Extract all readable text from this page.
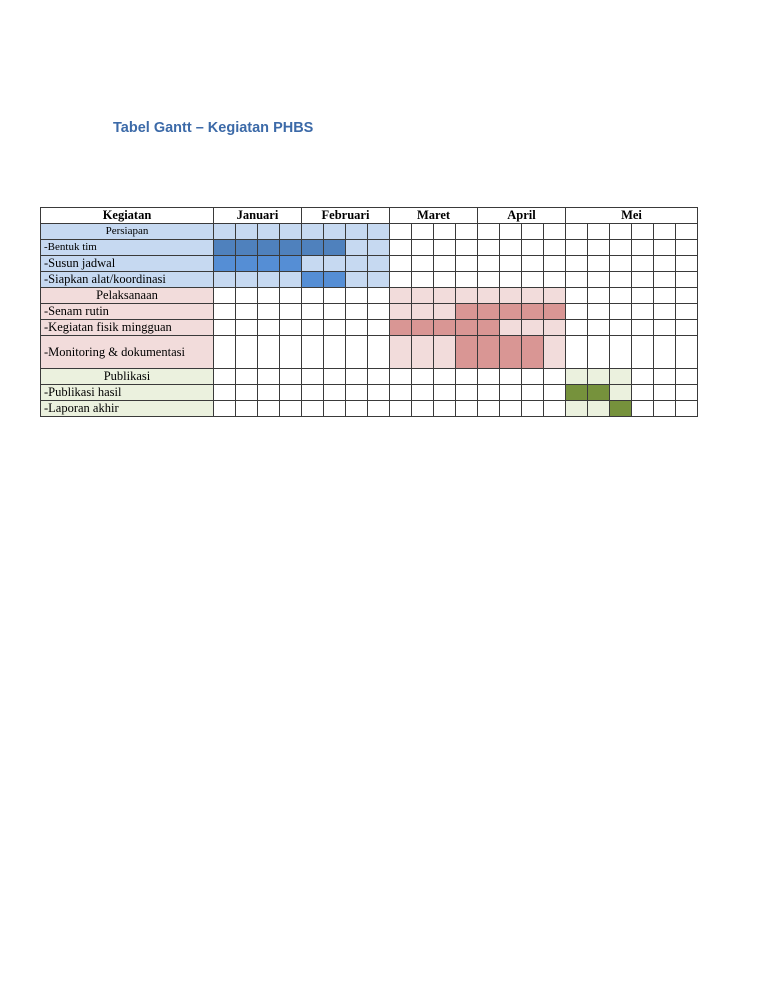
Tabel Gantt – Kegiatan PHBS
Kegiatan	Januari				Februari				Maret				April				Mei					
Persiapan																						
-Bentuk tim																						
-Susun jadwal																						
-Siapkan alat/koordinasi																						
Pelaksanaan																						
-Senam rutin																						
-Kegiatan fisik mingguan																						
-Monitoring & dokumentasi																						
Publikasi																						
-Publikasi hasil																						
-Laporan akhir																						
